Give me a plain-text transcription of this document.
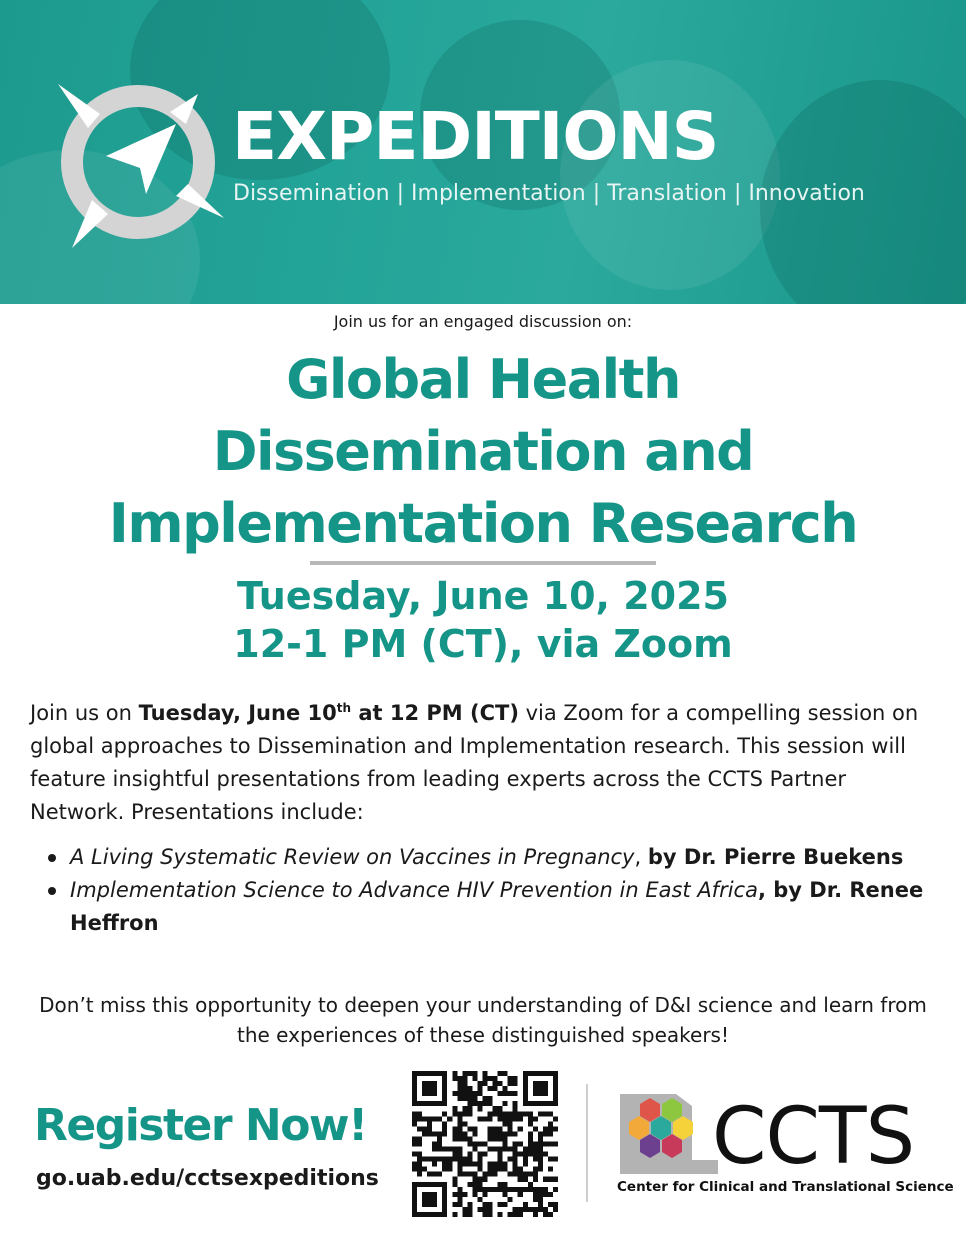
EXPEDITIONS
Dissemination | Implementation | Translation | Innovation
Join us for an engaged discussion on:
Global Health
Dissemination and
Implementation Research
Tuesday, June 10, 2025
12-1 PM (CT), via Zoom
Join us on Tuesday, June 10th at 12 PM (CT) via Zoom for a compelling session on global approaches to Dissemination and Implementation research. This session will feature insightful presentations from leading experts across the CCTS Partner Network. Presentations include:
A Living Systematic Review on Vaccines in Pregnancy, by Dr. Pierre Buekens
Implementation Science to Advance HIV Prevention in East Africa, by Dr. Renee Heffron
Don’t miss this opportunity to deepen your understanding of D&I science and learn from the experiences of these distinguished speakers!
Register Now!
go.uab.edu/cctsexpeditions	CCTS
Center for Clinical and Translational Science
